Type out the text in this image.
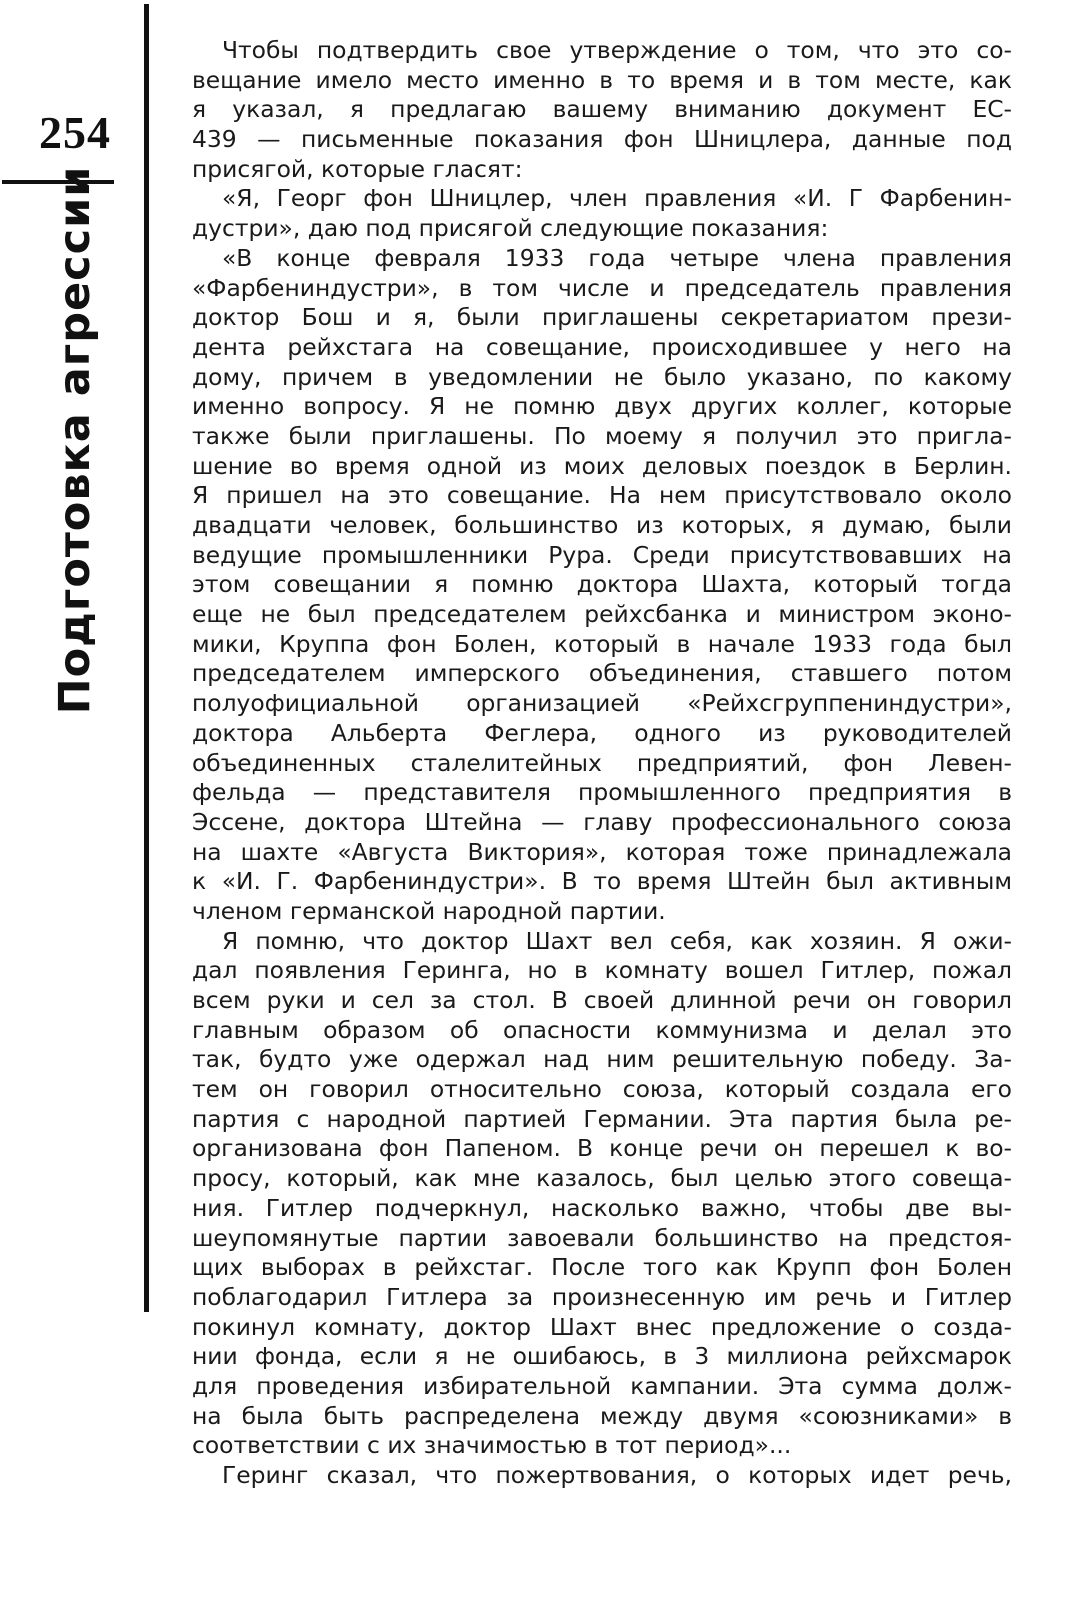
254
Подготовка агрессии
Чтобы подтвердить свое утверждение о том, что это со-
вещание имело место именно в то время и в том месте, как
я указал, я предлагаю вашему вниманию документ ЕС-
439 — письменные показания фон Шницлера, данные под
присягой, которые гласят:
«Я, Георг фон Шницлер, член правления «И. Г Фарбенин-
дустри», даю под присягой следующие показания:
«В конце февраля 1933 года четыре члена правления
«Фарбениндустри», в том числе и председатель правления
доктор Бош и я, были приглашены секретариатом прези-
дента рейхстага на совещание, происходившее у него на
дому, причем в уведомлении не было указано, по какому
именно вопросу. Я не помню двух других коллег, которые
также были приглашены. По моему я получил это пригла-
шение во время одной из моих деловых поездок в Берлин.
Я пришел на это совещание. На нем присутствовало около
двадцати человек, большинство из которых, я думаю, были
ведущие промышленники Рура. Среди присутствовавших на
этом совещании я помню доктора Шахта, который тогда
еще не был председателем рейхсбанка и министром эконо-
мики, Круппа фон Болен, который в начале 1933 года был
председателем имперского объединения, ставшего потом
полуофициальной организацией «Рейхсгруппениндустри»,
доктора Альберта Феглера, одного из руководителей
объединенных сталелитейных предприятий, фон Левен-
фельда — представителя промышленного предприятия в
Эссене, доктора Штейна — главу профессионального союза
на шахте «Августа Виктория», которая тоже принадлежала
к «И. Г. Фарбениндустри». В то время Штейн был активным
членом германской народной партии.
Я помню, что доктор Шахт вел себя, как хозяин. Я ожи-
дал появления Геринга, но в комнату вошел Гитлер, пожал
всем руки и сел за стол. В своей длинной речи он говорил
главным образом об опасности коммунизма и делал это
так, будто уже одержал над ним решительную победу. За-
тем он говорил относительно союза, который создала его
партия с народной партией Германии. Эта партия была ре-
организована фон Папеном. В конце речи он перешел к во-
просу, который, как мне казалось, был целью этого совеща-
ния. Гитлер подчеркнул, насколько важно, чтобы две вы-
шеупомянутые партии завоевали большинство на предстоя-
щих выборах в рейхстаг. После того как Крупп фон Болен
поблагодарил Гитлера за произнесенную им речь и Гитлер
покинул комнату, доктор Шахт внес предложение о созда-
нии фонда, если я не ошибаюсь, в 3 миллиона рейхсмарок
для проведения избирательной кампании. Эта сумма долж-
на была быть распределена между двумя «союзниками» в
соответствии с их значимостью в тот период»...
Геринг сказал, что пожертвования, о которых идет речь,
